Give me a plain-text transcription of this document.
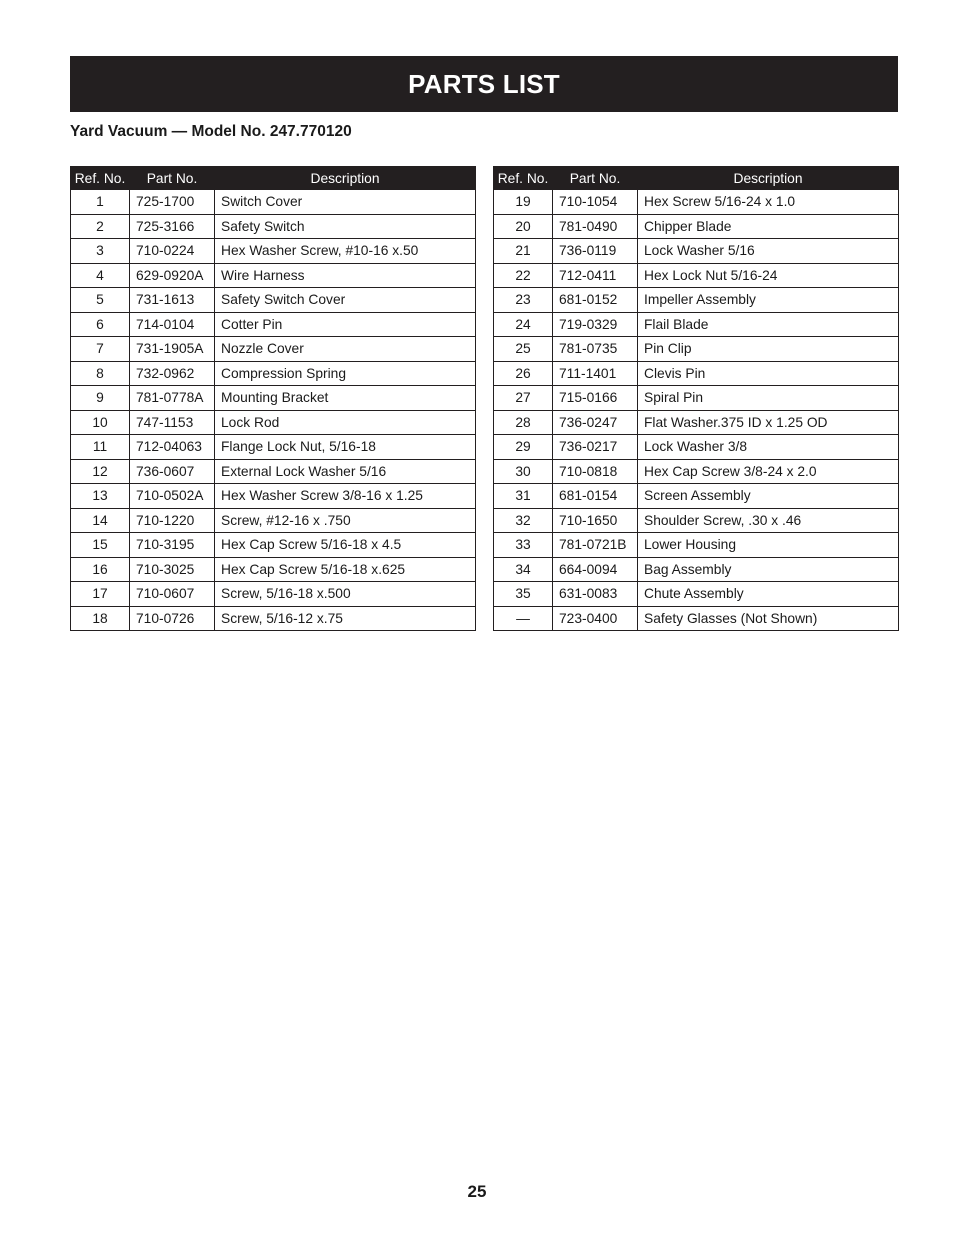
PARTS LIST

Yard Vacuum — Model No. 247.770120

Ref. No.	Part No.	Description
1	725-1700	Switch Cover
2	725-3166	Safety Switch
3	710-0224	Hex Washer Screw, #10-16 x.50
4	629-0920A	Wire Harness
5	731-1613	Safety Switch Cover
6	714-0104	Cotter Pin
7	731-1905A	Nozzle Cover
8	732-0962	Compression Spring
9	781-0778A	Mounting Bracket
10	747-1153	Lock Rod
11	712-04063	Flange Lock Nut, 5/16-18
12	736-0607	External Lock Washer 5/16
13	710-0502A	Hex Washer Screw 3/8-16 x 1.25
14	710-1220	Screw, #12-16 x .750
15	710-3195	Hex Cap Screw 5/16-18 x 4.5
16	710-3025	Hex Cap Screw 5/16-18 x.625
17	710-0607	Screw, 5/16-18 x.500
18	710-0726	Screw, 5/16-12 x.75
Ref. No.	Part No.	Description
19	710-1054	Hex Screw 5/16-24 x 1.0
20	781-0490	Chipper Blade
21	736-0119	Lock Washer 5/16
22	712-0411	Hex Lock Nut 5/16-24
23	681-0152	Impeller Assembly
24	719-0329	Flail Blade
25	781-0735	Pin Clip
26	711-1401	Clevis Pin
27	715-0166	Spiral Pin
28	736-0247	Flat Washer.375 ID x 1.25 OD
29	736-0217	Lock Washer 3/8
30	710-0818	Hex Cap Screw 3/8-24 x 2.0
31	681-0154	Screen Assembly
32	710-1650	Shoulder Screw, .30 x .46
33	781-0721B	Lower Housing
34	664-0094	Bag Assembly
35	631-0083	Chute Assembly
—	723-0400	Safety Glasses (Not Shown)
25
